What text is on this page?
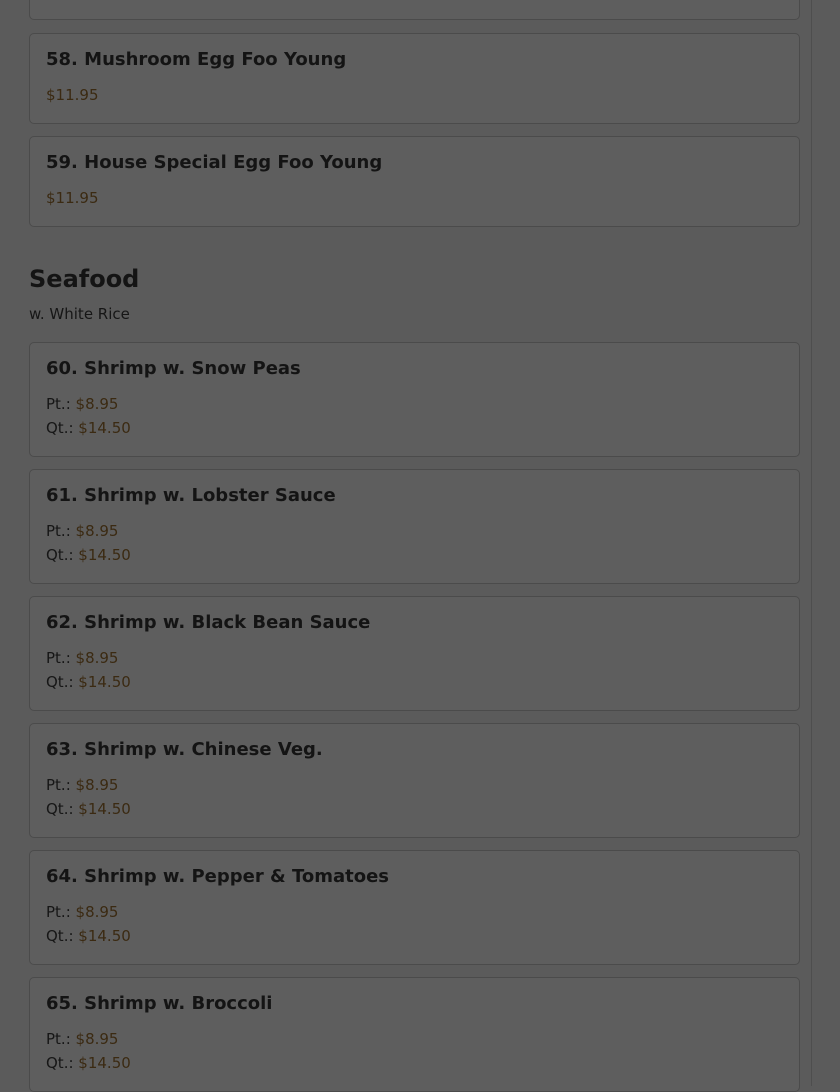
58. Mushroom Egg Foo Young

$11.95

59. House Special Egg Foo Young

$11.95

Seafood

w. White Rice

60. Shrimp w. Snow Peas

Pt.: $8.95

Qt.: $14.50

61. Shrimp w. Lobster Sauce

Pt.: $8.95

Qt.: $14.50

62. Shrimp w. Black Bean Sauce

Pt.: $8.95

Qt.: $14.50

63. Shrimp w. Chinese Veg.

Pt.: $8.95

Qt.: $14.50

64. Shrimp w. Pepper & Tomatoes

Pt.: $8.95

Qt.: $14.50

65. Shrimp w. Broccoli

Pt.: $8.95

Qt.: $14.50
